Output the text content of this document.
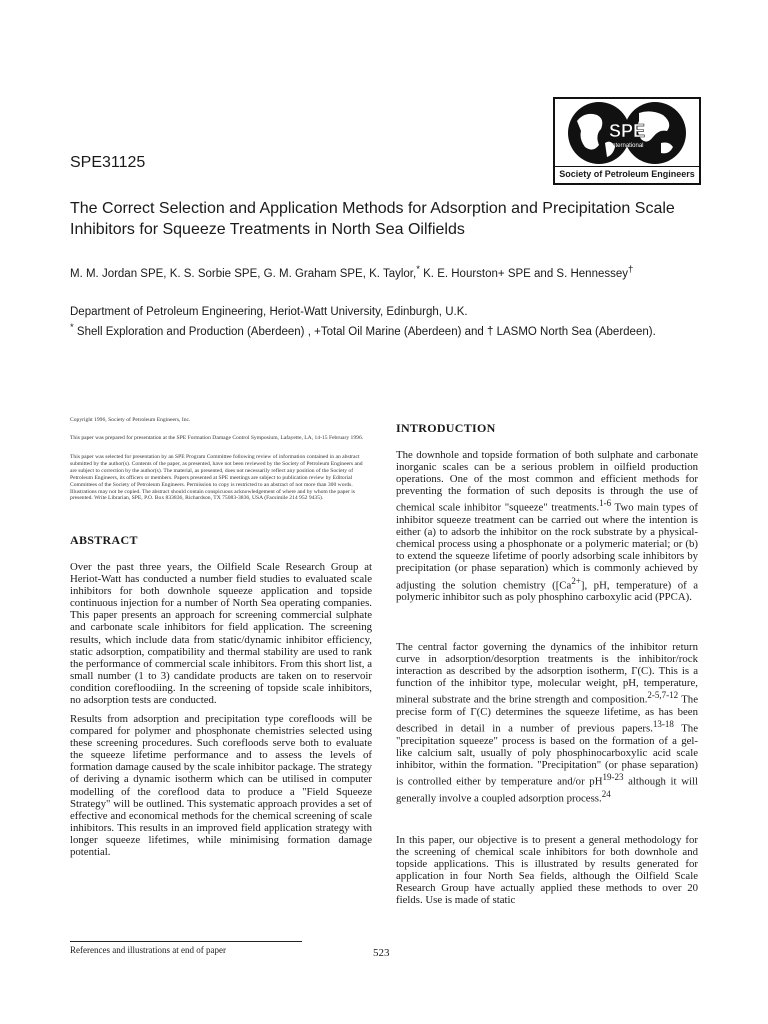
SPE31125
SPE
International
Society of Petroleum Engineers
The Correct Selection and Application Methods for Adsorption and Precipitation Scale Inhibitors for Squeeze Treatments in North Sea Oilfields
M. M. Jordan SPE, K. S. Sorbie SPE, G. M. Graham SPE, K. Taylor,* K. E. Hourston+ SPE and S. Hennessey†
Department of Petroleum Engineering, Heriot-Watt University, Edinburgh, U.K.
* Shell Exploration and Production (Aberdeen) , +Total Oil Marine (Aberdeen) and † LASMO North Sea (Aberdeen).
Copyright 1996, Society of Petroleum Engineers, Inc.
This paper was prepared for presentation at the SPE Formation Damage Control Symposium, Lafayette, LA, 14-15 February 1996.
This paper was selected for presentation by an SPE Program Committee following review of information contained in an abstract submitted by the author(s). Contents of the paper, as presented, have not been reviewed by the Society of Petroleum Engineers and are subject to correction by the author(s). The material, as presented, does not necessarily reflect any position of the Society of Petroleum Engineers, its officers or members. Papers presented at SPE meetings are subject to publication review by Editorial Committees of the Society of Petroleum Engineers. Permission to copy is restricted to an abstract of not more than 300 words. Illustrations may not be copied. The abstract should contain conspicuous acknowledgement of where and by whom the paper is presented. Write Librarian, SPE, P.O. Box 833836, Richardson, TX 75083-3836, USA (Facsimile 214 952 9435).
ABSTRACT
Over the past three years, the Oilfield Scale Research Group at Heriot-Watt has conducted a number field studies to evaluated scale inhibitors for both downhole squeeze application and topside continuous injection for a number of North Sea operating companies. This paper presents an approach for screening commercial sulphate and carbonate scale inhibitors for field application. The screening results, which include data from static/dynamic inhibitor efficiency, static adsorption, compatibility and thermal stability are used to rank the performance of commercial scale inhibitors. From this short list, a small number (1 to 3) candidate products are taken on to reservoir condition corefloodiing. In the screening of topside scale inhibitors, no adsorption tests are conducted.
Results from adsorption and precipitation type corefloods will be compared for polymer and phosphonate chemistries selected using these screening procedures. Such corefloods serve both to evaluate the squeeze lifetime performance and to assess the levels of formation damage caused by the scale inhibitor package. The strategy of deriving a dynamic isotherm which can be utilised in computer modelling of the coreflood data to produce a "Field Squeeze Strategy" will be outlined. This systematic approach provides a set of effective and economical methods for the chemical screening of scale inhibitors. This results in an improved field application strategy with longer squeeze lifetimes, while minimising formation damage potential.
INTRODUCTION
The downhole and topside formation of both sulphate and carbonate inorganic scales can be a serious problem in oilfield production operations. One of the most common and efficient methods for preventing the formation of such deposits is through the use of chemical scale inhibitor "squeeze" treatments.$^{1-6}$ Two main types of inhibitor squeeze treatment can be carried out where the intention is either (a) to adsorb the inhibitor on the rock substrate by a physical-chemical process using a phosphonate or a polymeric material; or (b) to extend the squeeze lifetime of poorly adsorbing scale inhibitors by precipitation (or phase separation) which is commonly achieved by adjusting the solution chemistry ($[Ca^{2+}]$, pH, temperature) of a polymeric inhibitor such as poly phosphino carboxylic acid (PPCA).
The central factor governing the dynamics of the inhibitor return curve in adsorption/desorption treatments is the inhibitor/rock interaction as described by the adsorption isotherm, Γ(C). This is a function of the inhibitor type, molecular weight, pH, temperature, mineral substrate and the brine strength and composition.$^{2-5,7-12}$ The precise form of Γ(C) determines the squeeze lifetime, as has been described in detail in a number of previous papers.$^{13-18}$ The "precipitation squeeze" process is based on the formation of a gel-like calcium salt, usually of poly phosphinocarboxylic acid scale inhibitor, within the formation. "Precipitation" (or phase separation) is controlled either by temperature and/or $pH^{19-23}$ although it will generally involve a coupled adsorption process.$^{24}$
In this paper, our objective is to present a general methodology for the screening of chemical scale inhibitors for both downhole and topside applications. This is illustrated by results generated for application in four North Sea fields, although the Oilfield Scale Research Group have actually applied these methods to over 20 fields. Use is made of static
References and illustrations at end of paper	523
